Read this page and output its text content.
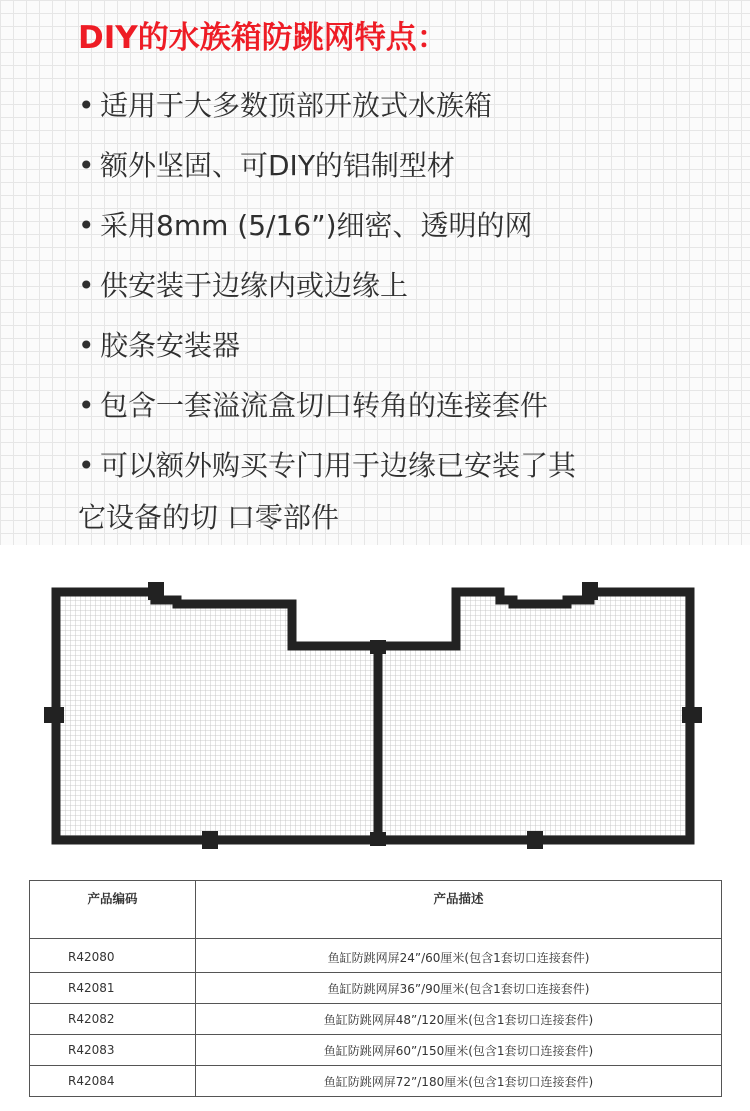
DIY的水族箱防跳网特点：
• 适用于大多数顶部开放式水族箱
• 额外坚固、可DIY的铝制型材
• 采用8mm (5/16”)细密、透明的网
• 供安装于边缘内或边缘上
• 胶条安装器
• 包含一套溢流盒切口转角的连接套件
• 可以额外购买专门用于边缘已安装了其
它设备的切 口零部件
产品编码	产品描述
R42080	鱼缸防跳网屏24”/60厘米(包含1套切口连接套件)
R42081	鱼缸防跳网屏36”/90厘米(包含1套切口连接套件)
R42082	鱼缸防跳网屏48”/120厘米(包含1套切口连接套件)
R42083	鱼缸防跳网屏60”/150厘米(包含1套切口连接套件)
R42084	鱼缸防跳网屏72”/180厘米(包含1套切口连接套件)
